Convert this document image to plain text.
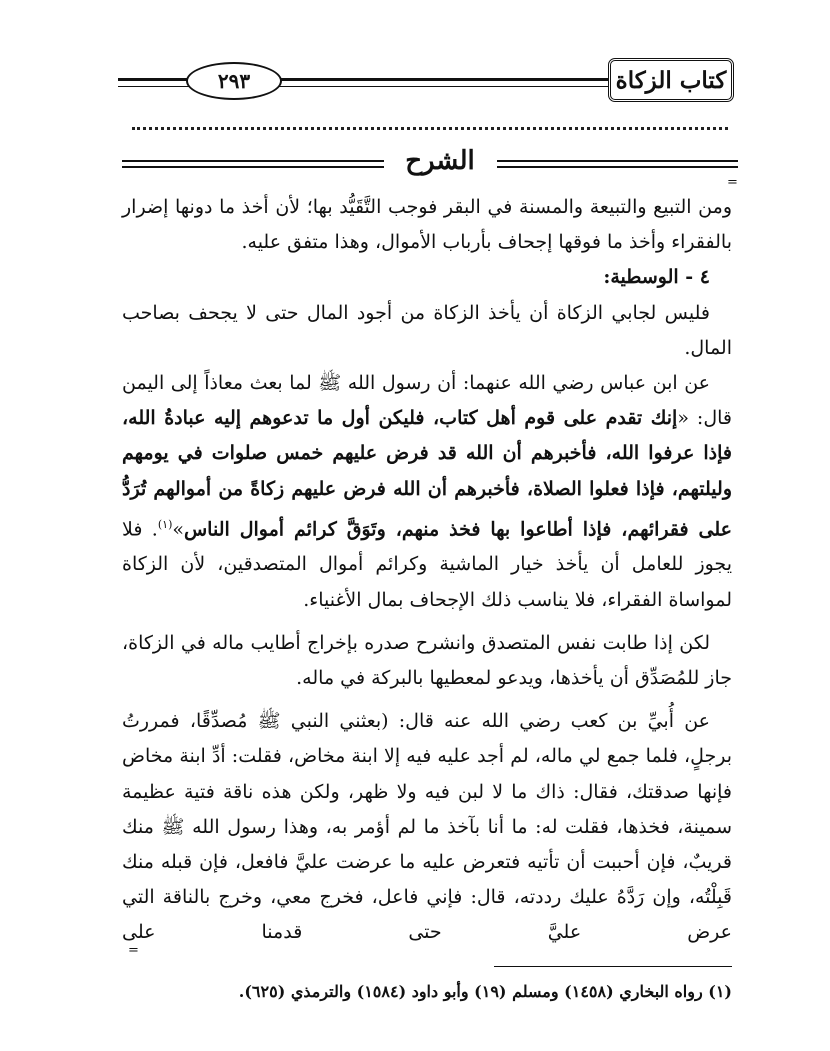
كتاب الزكاة
٢٩٣
الشرح
=

ومن التبيع والتبيعة والمسنة في البقر فوجب التَّقَيُّد بها؛ لأن أخذ ما دونها إضرار بالفقراء وأخذ ما فوقها إجحاف بأرباب الأموال، وهذا متفق عليه.

٤ - الوسطية:

فليس لجابي الزكاة أن يأخذ الزكاة من أجود المال حتى لا يجحف بصاحب المال.

عن ابن عباس رضي الله عنهما: أن رسول الله ﷺ لما بعث معاذاً إلى اليمن قال: «إنك تقدم على قوم أهل كتاب، فليكن أول ما تدعوهم إليه عبادةُ الله، فإذا عرفوا الله، فأخبرهم أن الله قد فرض عليهم خمس صلوات في يومهم وليلتهم، فإذا فعلوا الصلاة، فأخبرهم أن الله فرض عليهم زكاةً من أموالهم تُرَدُّ على فقرائهم، فإذا أطاعوا بها فخذ منهم، وتَوَقَّ كرائم أموال الناس»$^{(١)}$. فلا يجوز للعامل أن يأخذ خيار الماشية وكرائم أموال المتصدقين، لأن الزكاة لمواساة الفقراء، فلا يناسب ذلك الإجحاف بمال الأغنياء.

لكن إذا طابت نفس المتصدق وانشرح صدره بإخراج أطايب ماله في الزكاة، جاز للمُصَدِّق أن يأخذها، ويدعو لمعطيها بالبركة في ماله.

عن أُبيِّ بن كعب رضي الله عنه قال: (بعثني النبي ﷺ مُصدِّقًا، فمررتُ برجلٍ، فلما جمع لي ماله، لم أجد عليه فيه إلا ابنة مخاض، فقلت: أدِّ ابنة مخاض فإنها صدقتك، فقال: ذاك ما لا لبن فيه ولا ظهر، ولكن هذه ناقة فتية عظيمة سمينة، فخذها، فقلت له: ما أنا بآخذ ما لم أؤمر به، وهذا رسول الله ﷺ منك قريبٌ، فإن أحببت أن تأتيه فتعرض عليه ما عرضت عليَّ فافعل، فإن قبله منك قَبِلْتُه، وإن رَدَّهُ عليك رددته، قال: فإني فاعل، فخرج معي، وخرج بالناقة التي عرض عليَّ حتى قدمنا على

=
(١) رواه البخاري (١٤٥٨) ومسلم (١٩) وأبو داود (١٥٨٤) والترمذي (٦٢٥).
